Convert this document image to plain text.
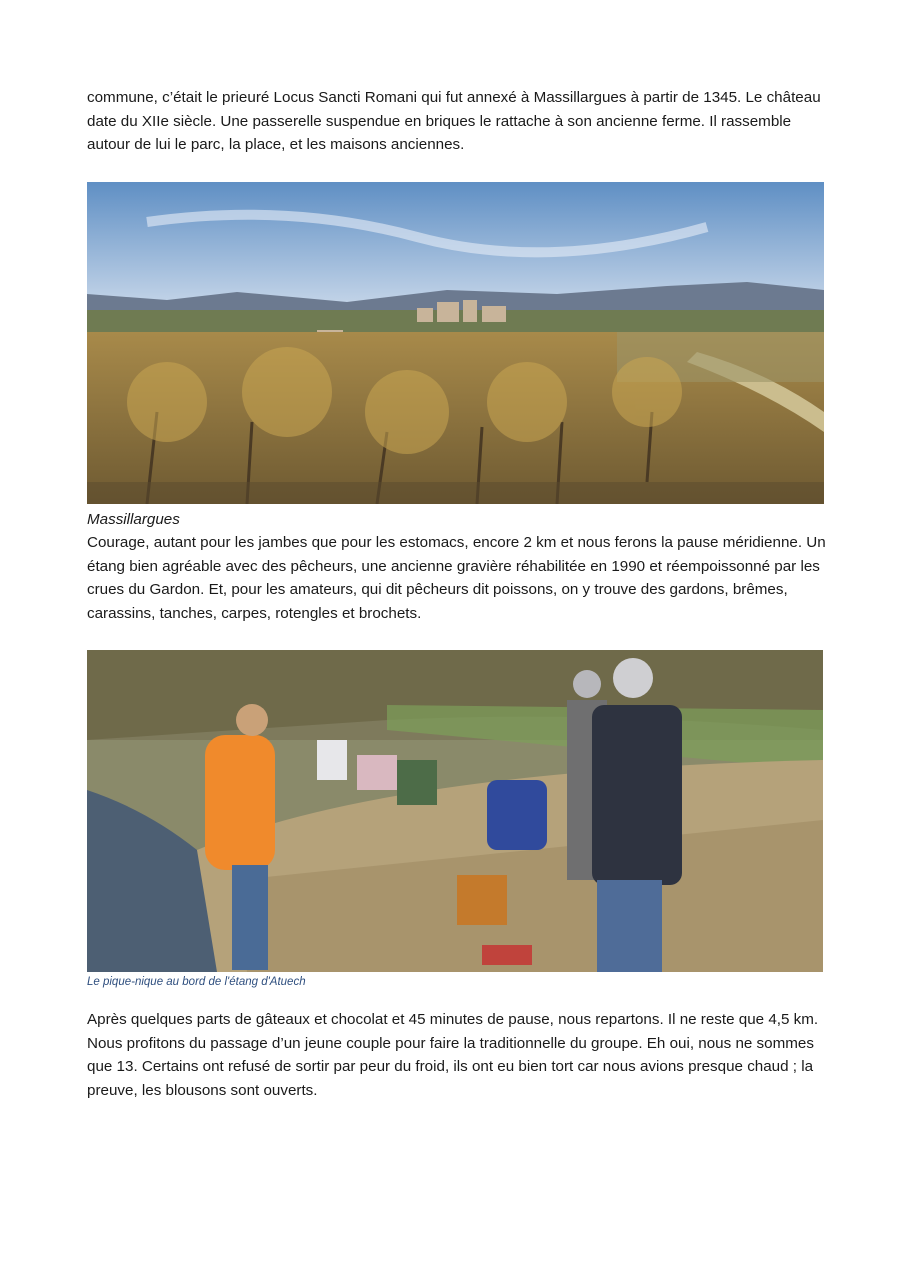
commune, c’était le prieuré Locus Sancti Romani qui fut annexé à Massillargues à partir de 1345. Le château date du XIIe siècle. Une passerelle suspendue en briques le rattache à son ancienne ferme. Il rassemble autour de lui le parc, la place, et les maisons anciennes.

Massillargues

Courage, autant pour les jambes que pour les estomacs, encore 2 km et nous ferons la pause méridienne. Un étang bien agréable avec des pêcheurs, une ancienne gravière réhabilitée en 1990 et réempoissonné par les crues du Gardon. Et, pour les amateurs, qui dit pêcheurs dit poissons, on y trouve des gardons, brêmes, carassins, tanches, carpes, rotengles et brochets.

Le pique-nique au bord de l'étang d'Atuech

Après quelques parts de gâteaux et chocolat et 45 minutes de pause, nous repartons. Il ne reste que 4,5 km. Nous profitons du passage d’un jeune couple pour faire la traditionnelle du groupe. Eh oui, nous ne sommes que 13. Certains ont refusé de sortir par peur du froid, ils ont eu bien tort car nous avions presque chaud ; la preuve, les blousons sont ouverts.
